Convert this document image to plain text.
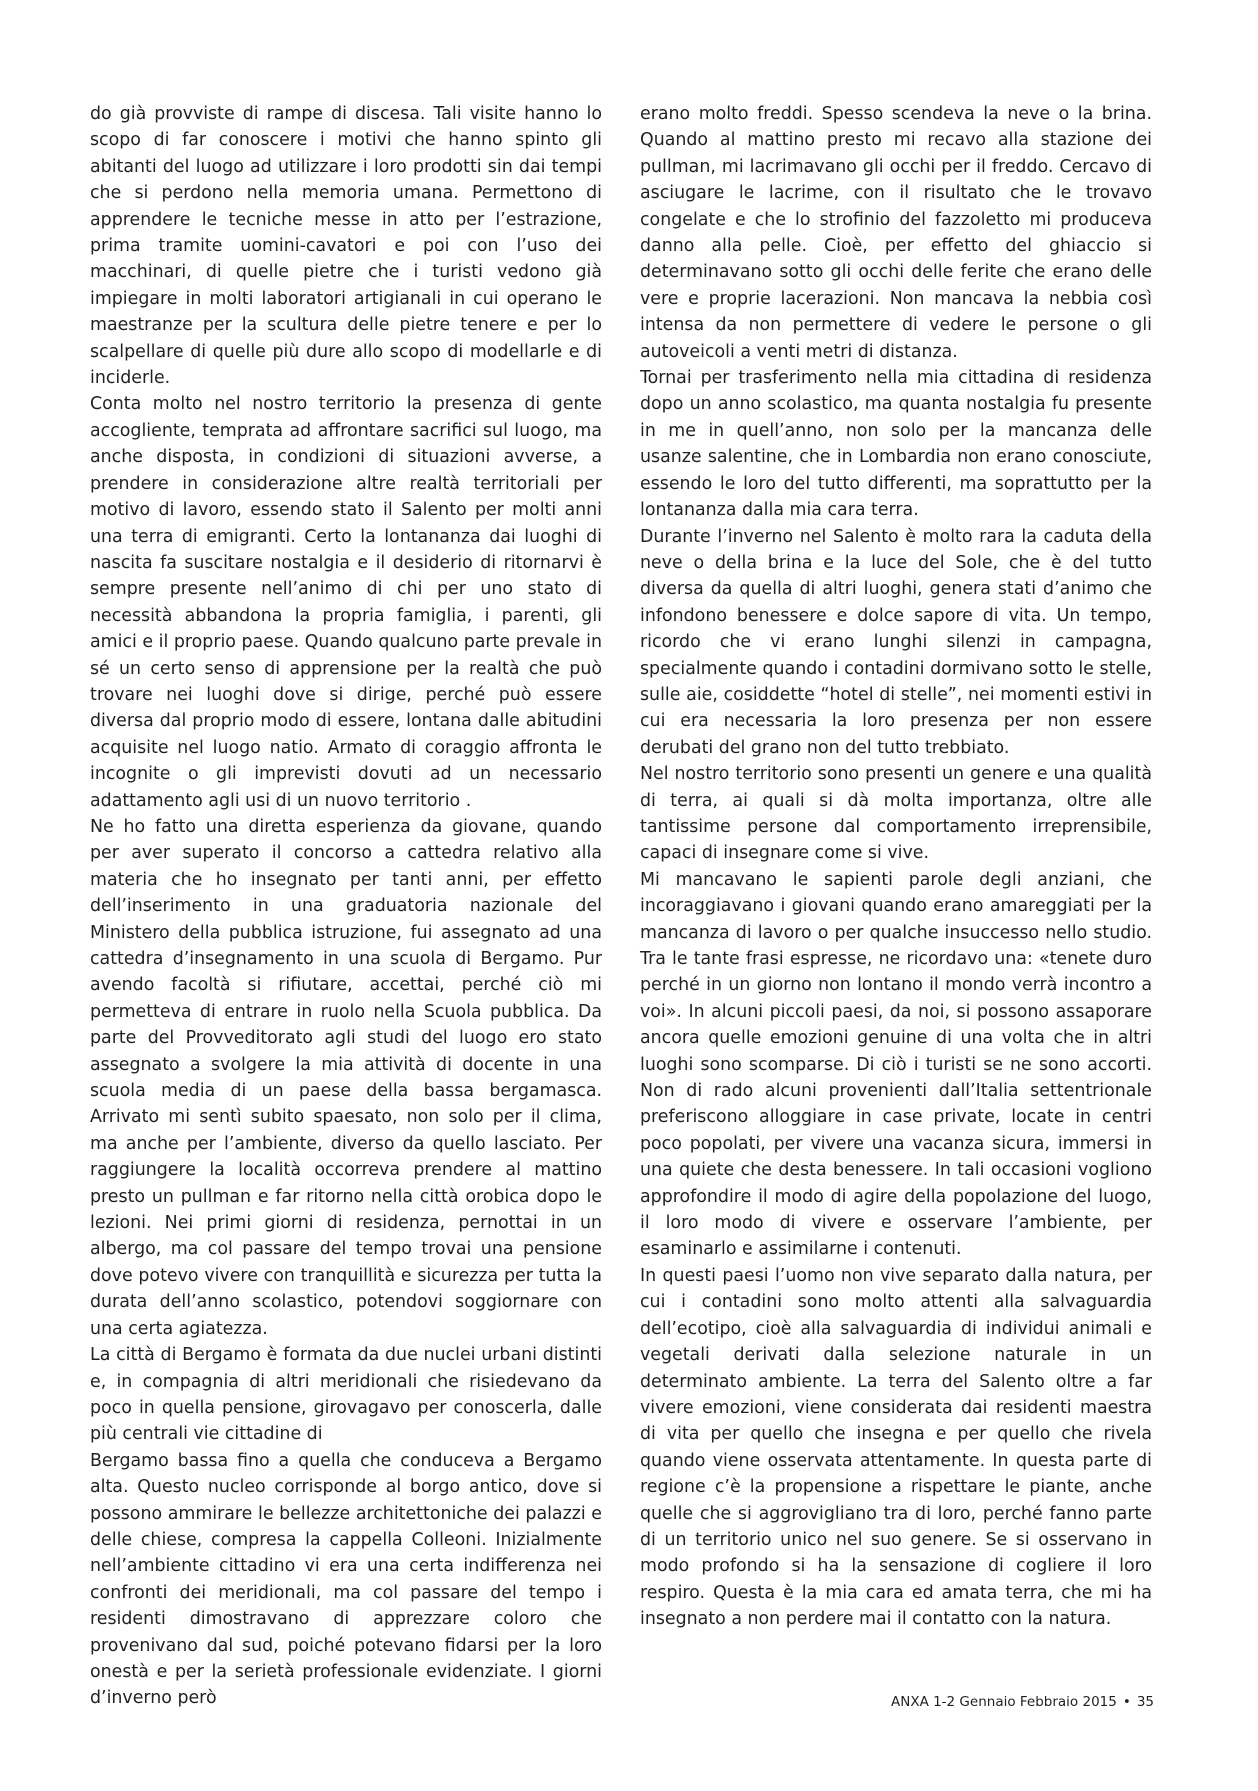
do già provviste di rampe di discesa. Tali visite hanno lo scopo di far conoscere i motivi che hanno spinto gli abitanti del luogo ad utilizzare i loro prodotti sin dai tempi che si perdono nella memoria umana. Permettono di apprendere le tecniche messe in atto per l’estrazione, prima tramite uomini-cavatori e poi con l’uso dei macchinari, di quelle pietre che i turisti vedono già impiegare in molti laboratori artigianali in cui operano le maestranze per la scultura delle pietre tenere e per lo scalpellare di quelle più dure allo scopo di modellarle e di inciderle.

Conta molto nel nostro territorio la presenza di gente accogliente, temprata ad affrontare sacrifici sul luogo, ma anche disposta, in condizioni di situazioni avverse, a prendere in considerazione altre realtà territoriali per motivo di lavoro, essendo stato il Salento per molti anni una terra di emigranti. Certo la lontananza dai luoghi di nascita fa suscitare nostalgia e il desiderio di ritornarvi è sempre presente nell’animo di chi per uno stato di necessità abbandona la propria famiglia, i parenti, gli amici e il proprio paese. Quando qualcuno parte prevale in sé un certo senso di apprensione per la realtà che può trovare nei luoghi dove si dirige, perché può essere diversa dal proprio modo di essere, lontana dalle abitudini acquisite nel luogo natio. Armato di coraggio affronta le incognite o gli imprevisti dovuti ad un necessario adattamento agli usi di un nuovo territorio .

Ne ho fatto una diretta esperienza da giovane, quando per aver superato il concorso a cattedra relativo alla materia che ho insegnato per tanti anni, per effetto dell’inserimento in una graduatoria nazionale del Ministero della pubblica istruzione, fui assegnato ad una cattedra d’insegnamento in una scuola di Bergamo. Pur avendo facoltà si rifiutare, accettai, perché ciò mi permetteva di entrare in ruolo nella Scuola pubblica. Da parte del Provveditorato agli studi del luogo ero stato assegnato a svolgere la mia attività di docente in una scuola media di un paese della bassa bergamasca. Arrivato mi sentì subito spaesato, non solo per il clima, ma anche per l’ambiente, diverso da quello lasciato. Per raggiungere la località occorreva prendere al mattino presto un pullman e far ritorno nella città orobica dopo le lezioni. Nei primi giorni di residenza, pernottai in un albergo, ma col passare del tempo trovai una pensione dove potevo vivere con tranquillità e sicurezza per tutta la durata dell’anno scolastico, potendovi soggiornare con una certa agiatezza.

La città di Bergamo è formata da due nuclei urbani distinti e, in compagnia di altri meridionali che risiedevano da poco in quella pensione, girovagavo per conoscerla, dalle più centrali vie cittadine di

Bergamo bassa fino a quella che conduceva a Bergamo alta. Questo nucleo corrisponde al borgo antico, dove si possono ammirare le bellezze architettoniche dei palazzi e delle chiese, compresa la cappella Colleoni. Inizialmente nell’ambiente cittadino vi era una certa indifferenza nei confronti dei meridionali, ma col passare del tempo i residenti dimostravano di apprezzare coloro che provenivano dal sud, poiché potevano fidarsi per la loro onestà e per la serietà professionale evidenziate. I giorni d’inverno però

erano molto freddi. Spesso scendeva la neve o la brina. Quando al mattino presto mi recavo alla stazione dei pullman, mi lacrimavano gli occhi per il freddo. Cercavo di asciugare le lacrime, con il risultato che le trovavo congelate e che lo strofinio del fazzoletto mi produceva danno alla pelle. Cioè, per effetto del ghiaccio si determinavano sotto gli occhi delle ferite che erano delle vere e proprie lacerazioni. Non mancava la nebbia così intensa da non permettere di vedere le persone o gli autoveicoli a venti metri di distanza.

Tornai per trasferimento nella mia cittadina di residenza dopo un anno scolastico, ma quanta nostalgia fu presente in me in quell’anno, non solo per la mancanza delle usanze salentine, che in Lombardia non erano conosciute, essendo le loro del tutto differenti, ma soprattutto per la lontananza dalla mia cara terra.

Durante l’inverno nel Salento è molto rara la caduta della neve o della brina e la luce del Sole, che è del tutto diversa da quella di altri luoghi, genera stati d’animo che infondono benessere e dolce sapore di vita. Un tempo, ricordo che vi erano lunghi silenzi in campagna, specialmente quando i contadini dormivano sotto le stelle, sulle aie, cosiddette “hotel di stelle”, nei momenti estivi in cui era necessaria la loro presenza per non essere derubati del grano non del tutto trebbiato.

Nel nostro territorio sono presenti un genere e una qualità di terra, ai quali si dà molta importanza, oltre alle tantissime persone dal comportamento irreprensibile, capaci di insegnare come si vive.

Mi mancavano le sapienti parole degli anziani, che incoraggiavano i giovani quando erano amareggiati per la mancanza di lavoro o per qualche insuccesso nello studio. Tra le tante frasi espresse, ne ricordavo una: «tenete duro perché in un giorno non lontano il mondo verrà incontro a voi». In alcuni piccoli paesi, da noi, si possono assaporare ancora quelle emozioni genuine di una volta che in altri luoghi sono scomparse. Di ciò i turisti se ne sono accorti. Non di rado alcuni provenienti dall’Italia settentrionale preferiscono alloggiare in case private, locate in centri poco popolati, per vivere una vacanza sicura, immersi in una quiete che desta benessere. In tali occasioni vogliono approfondire il modo di agire della popolazione del luogo, il loro modo di vivere e osservare l’ambiente, per esaminarlo e assimilarne i contenuti.

In questi paesi l’uomo non vive separato dalla natura, per cui i contadini sono molto attenti alla salvaguardia dell’ecotipo, cioè alla salvaguardia di individui animali e vegetali derivati dalla selezione naturale in un determinato ambiente. La terra del Salento oltre a far vivere emozioni, viene considerata dai residenti maestra di vita per quello che insegna e per quello che rivela quando viene osservata attentamente. In questa parte di regione c’è la propensione a rispettare le piante, anche quelle che si aggrovigliano tra di loro, perché fanno parte di un territorio unico nel suo genere. Se si osservano in modo profondo si ha la sensazione di cogliere il loro respiro. Questa è la mia cara ed amata terra, che mi ha insegnato a non perdere mai il contatto con la natura.

ANXA 1-2 Gennaio Febbraio 2015 • 35
